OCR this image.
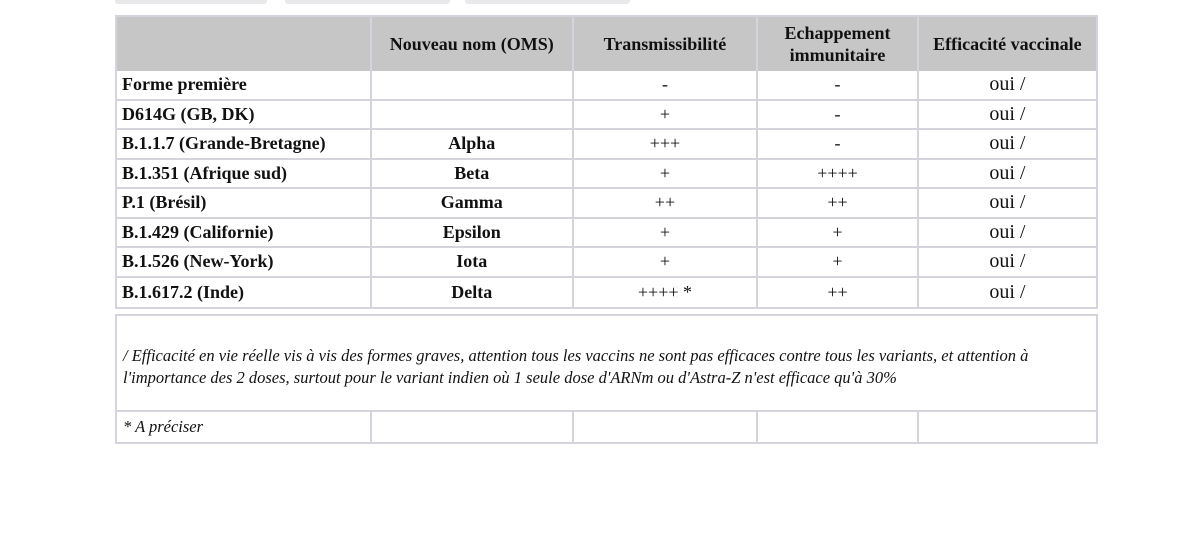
	Nouveau nom (OMS)	Transmissibilité	Echappement immunitaire	Efficacité vaccinale
Forme première		-	-	oui /
D614G (GB, DK)		+	-	oui /
B.1.1.7 (Grande-Bretagne)	Alpha	+++	-	oui /
B.1.351 (Afrique sud)	Beta	+	++++	oui /
P.1 (Brésil)	Gamma	++	++	oui /
B.1.429 (Californie)	Epsilon	+	+	oui /
B.1.526 (New-York)	Iota	+	+	oui /
B.1.617.2 (Inde)	Delta	++++ *	++	oui /
/ Efficacité en vie réelle vis à vis des formes graves, attention tous les vaccins ne sont pas efficaces contre tous les variants, et attention à l'importance des 2 doses, surtout pour le variant indien où 1 seule dose d'ARNm ou d'Astra-Z n'est efficace qu'à 30%
* A préciser				
